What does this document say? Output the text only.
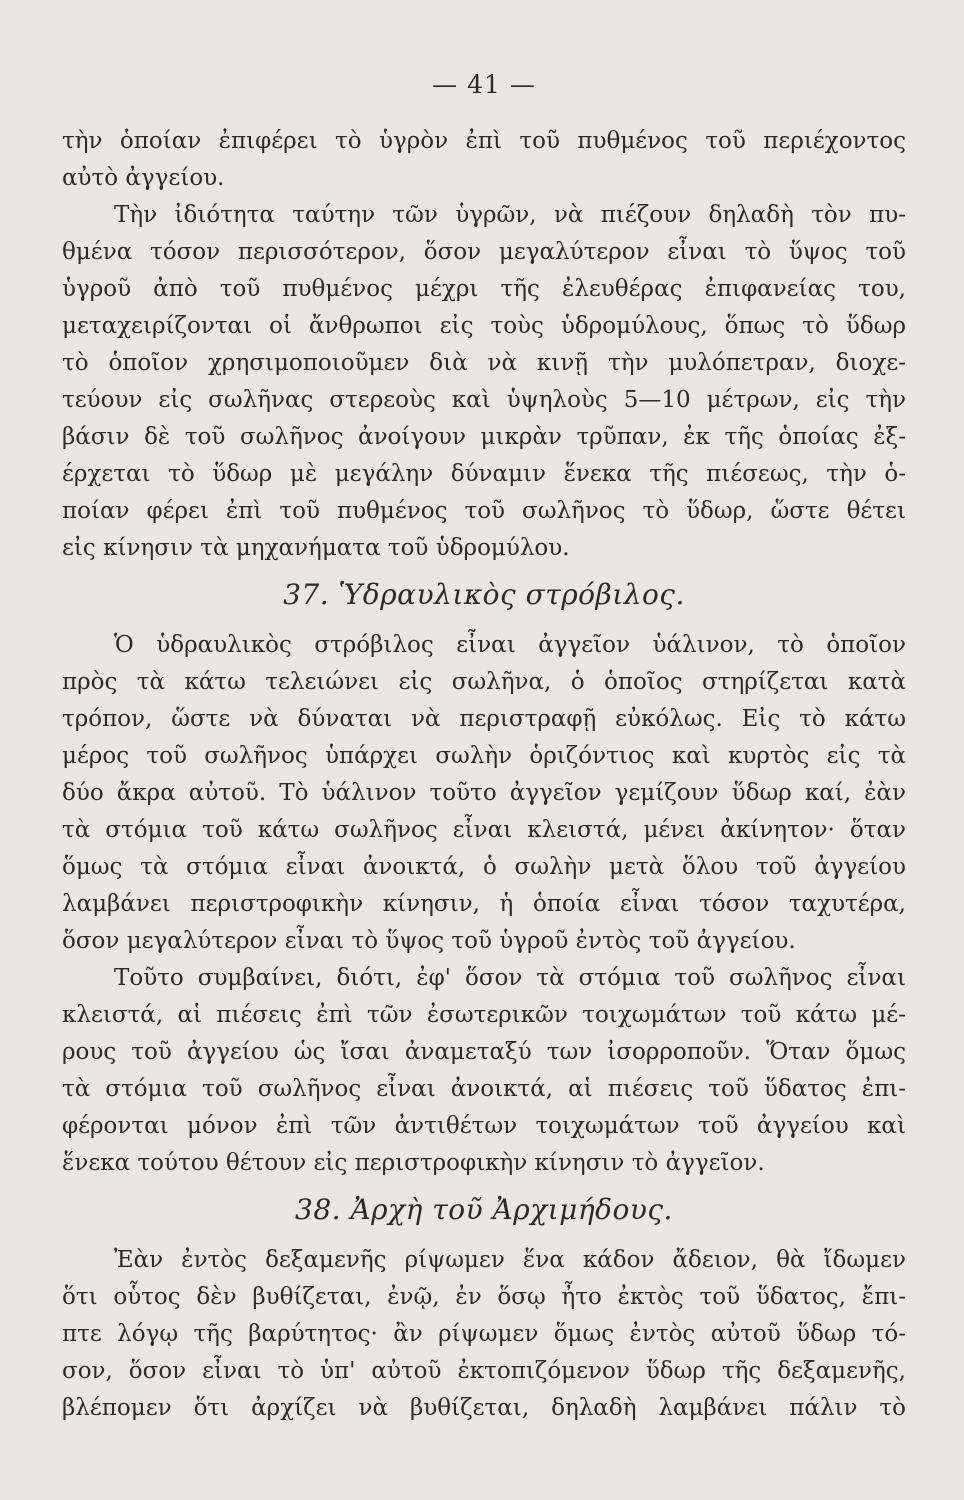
— 41 —
τὴν ὁποίαν ἐπιφέρει τὸ ὑγρὸν ἐπὶ τοῦ πυθμένος τοῦ περιέχοντος
αὐτὸ ἀγγείου.
Τὴν ἰδιότητα ταύτην τῶν ὑγρῶν, νὰ πιέζουν δηλαδὴ τὸν πυ-
θμένα τόσον περισσότερον, ὅσον μεγαλύτερον εἶναι τὸ ὕψος τοῦ
ὑγροῦ ἀπὸ τοῦ πυθμένος μέχρι τῆς ἐλευθέρας ἐπιφανείας του,
μεταχειρίζονται οἱ ἄνθρωποι εἰς τοὺς ὑδρομύλους, ὅπως τὸ ὕδωρ
τὸ ὁποῖον χρησιμοποιοῦμεν διὰ νὰ κινῇ τὴν μυλόπετραν, διοχε-
τεύουν εἰς σωλῆνας στερεοὺς καὶ ὑψηλοὺς 5—10 μέτρων, εἰς τὴν
βάσιν δὲ τοῦ σωλῆνος ἀνοίγουν μικρὰν τρῦπαν, ἐκ τῆς ὁποίας ἐξ-
έρχεται τὸ ὕδωρ μὲ μεγάλην δύναμιν ἕνεκα τῆς πιέσεως, τὴν ὁ-
ποίαν φέρει ἐπὶ τοῦ πυθμένος τοῦ σωλῆνος τὸ ὕδωρ, ὥστε θέτει
εἰς κίνησιν τὰ μηχανήματα τοῦ ὑδρομύλου.
37. Ὑδραυλικὸς στρόβιλος.
Ὁ ὑδραυλικὸς στρόβιλος εἶναι ἀγγεῖον ὑάλινον, τὸ ὁποῖον
πρὸς τὰ κάτω τελειώνει εἰς σωλῆνα, ὁ ὁποῖος στηρίζεται κατὰ
τρόπον, ὥστε νὰ δύναται νὰ περιστραφῇ εὐκόλως. Εἰς τὸ κάτω
μέρος τοῦ σωλῆνος ὑπάρχει σωλὴν ὁριζόντιος καὶ κυρτὸς εἰς τὰ
δύο ἄκρα αὐτοῦ. Τὸ ὑάλινον τοῦτο ἀγγεῖον γεμίζουν ὕδωρ καί, ἐὰν
τὰ στόμια τοῦ κάτω σωλῆνος εἶναι κλειστά, μένει ἀκίνητον· ὅταν
ὅμως τὰ στόμια εἶναι ἀνοικτά, ὁ σωλὴν μετὰ ὅλου τοῦ ἀγγείου
λαμβάνει περιστροφικὴν κίνησιν, ἡ ὁποία εἶναι τόσον ταχυτέρα,
ὅσον μεγαλύτερον εἶναι τὸ ὕψος τοῦ ὑγροῦ ἐντὸς τοῦ ἀγγείου.
Τοῦτο συμβαίνει, διότι, ἐφ' ὅσον τὰ στόμια τοῦ σωλῆνος εἶναι
κλειστά, αἱ πιέσεις ἐπὶ τῶν ἐσωτερικῶν τοιχωμάτων τοῦ κάτω μέ-
ρους τοῦ ἀγγείου ὡς ἴσαι ἀναμεταξύ των ἰσορροποῦν. Ὅταν ὅμως
τὰ στόμια τοῦ σωλῆνος εἶναι ἀνοικτά, αἱ πιέσεις τοῦ ὕδατος ἐπι-
φέρονται μόνον ἐπὶ τῶν ἀντιθέτων τοιχωμάτων τοῦ ἀγγείου καὶ
ἕνεκα τούτου θέτουν εἰς περιστροφικὴν κίνησιν τὸ ἀγγεῖον.
38. Ἀρχὴ τοῦ Ἀρχιμήδους.
Ἐὰν ἐντὸς δεξαμενῆς ρίψωμεν ἕνα κάδον ἄδειον, θὰ ἴδωμεν
ὅτι οὗτος δὲν βυθίζεται, ἐνῷ, ἐν ὅσῳ ἦτο ἐκτὸς τοῦ ὕδατος, ἔπι-
πτε λόγῳ τῆς βαρύτητος· ἂν ρίψωμεν ὅμως ἐντὸς αὐτοῦ ὕδωρ τό-
σον, ὅσον εἶναι τὸ ὑπ' αὐτοῦ ἐκτοπιζόμενον ὕδωρ τῆς δεξαμενῆς,
βλέπομεν ὅτι ἀρχίζει νὰ βυθίζεται, δηλαδὴ λαμβάνει πάλιν τὸ
